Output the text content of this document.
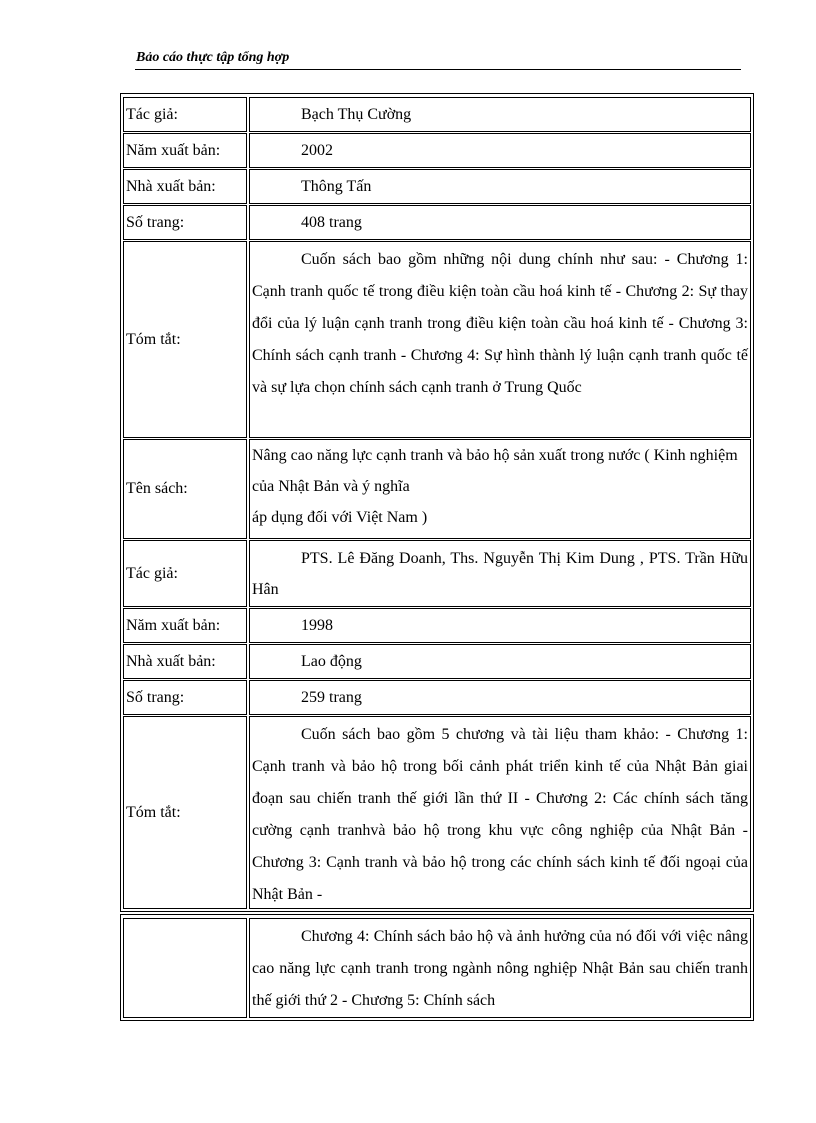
Bảo cáo thực tập tổng hợp
Tác giả:	Bạch Thụ Cường
Năm xuất bản:	2002
Nhà xuất bản:	Thông Tấn
Số trang:	408 trang
Tóm tắt:
Cuốn sách bao gồm những nội dung chính như sau: - Chương 1: Cạnh tranh quốc tế trong điều kiện toàn cầu hoá kinh tế - Chương 2: Sự thay đổi của lý luận cạnh tranh trong điều kiện toàn cầu hoá kinh tế - Chương 3: Chính sách cạnh tranh - Chương 4: Sự hình thành lý luận cạnh tranh quốc tế và sự lựa chọn chính sách cạnh tranh ở Trung Quốc
Tên sách:
Nâng cao năng lực cạnh tranh và bảo hộ sản xuất trong nước ( Kinh nghiệm của Nhật Bản và ý nghĩa
áp dụng đối với Việt Nam )
Tác giả:
PTS. Lê Đăng Doanh, Ths. Nguyễn Thị Kim Dung , PTS. Trần Hữu Hân
Năm xuất bản:	1998
Nhà xuất bản:	Lao động
Số trang:	259 trang
Tóm tắt:
Cuốn sách bao gồm 5 chương và tài liệu tham khảo: - Chương 1: Cạnh tranh và bảo hộ trong bối cảnh phát triển kinh tế của Nhật Bản giai đoạn sau chiến tranh thế giới lần thứ II - Chương 2: Các chính sách tăng cường cạnh tranhvà bảo hộ trong khu vực công nghiệp của Nhật Bản - Chương 3: Cạnh tranh và bảo hộ trong các chính sách kinh tế đối ngoại của Nhật Bản -
Chương 4: Chính sách bảo hộ và ảnh hưởng của nó đối với việc nâng cao năng lực cạnh tranh trong ngành nông nghiệp Nhật Bản sau chiến tranh thế giới thứ 2 - Chương 5: Chính sách
